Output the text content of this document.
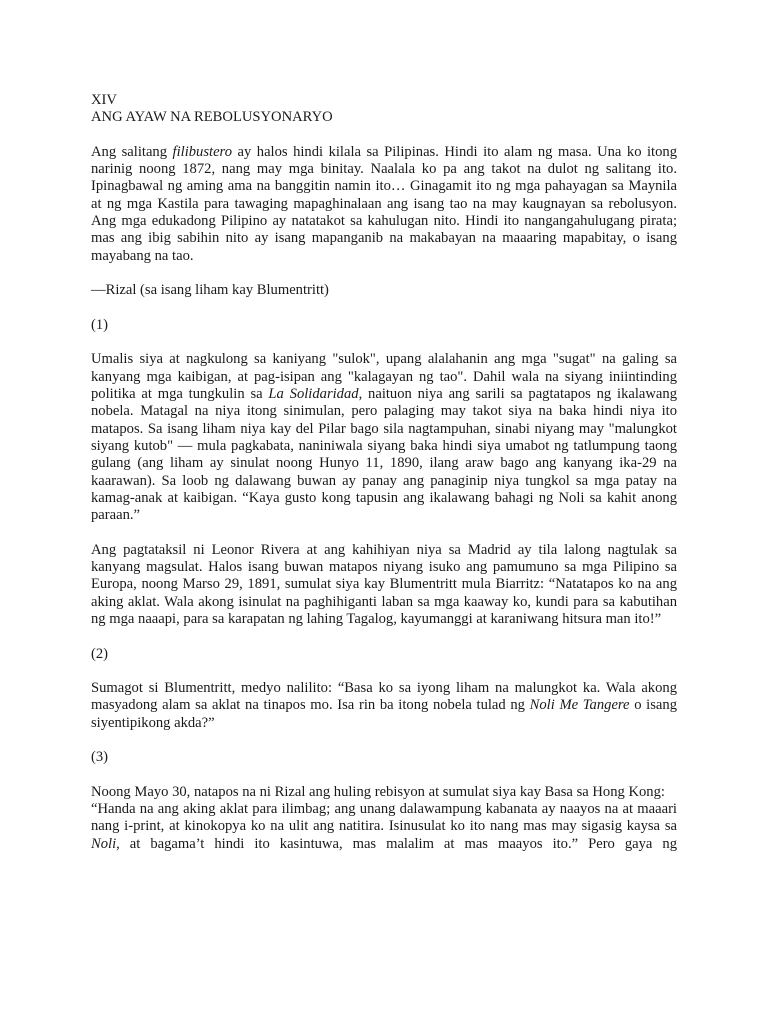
XIV

ANG AYAW NA REBOLUSYONARYO

Ang salitang filibustero ay halos hindi kilala sa Pilipinas. Hindi ito alam ng masa. Una ko itong narinig noong 1872, nang may mga binitay. Naalala ko pa ang takot na dulot ng salitang ito. Ipinagbawal ng aming ama na banggitin namin ito… Ginagamit ito ng mga pahayagan sa Maynila at ng mga Kastila para tawaging mapaghinalaan ang isang tao na may kaugnayan sa rebolusyon. Ang mga edukadong Pilipino ay natatakot sa kahulugan nito. Hindi ito nangangahulugang pirata; mas ang ibig sabihin nito ay isang mapanganib na makabayan na maaaring mapabitay, o isang mayabang na tao.

—Rizal (sa isang liham kay Blumentritt)

(1)

Umalis siya at nagkulong sa kaniyang "sulok", upang alalahanin ang mga "sugat" na galing sa kanyang mga kaibigan, at pag-isipan ang "kalagayan ng tao". Dahil wala na siyang iniintinding politika at mga tungkulin sa La Solidaridad, naituon niya ang sarili sa pagtatapos ng ikalawang nobela. Matagal na niya itong sinimulan, pero palaging may takot siya na baka hindi niya ito matapos. Sa isang liham niya kay del Pilar bago sila nagtampuhan, sinabi niyang may "malungkot siyang kutob" — mula pagkabata, naniniwala siyang baka hindi siya umabot ng tatlumpung taong gulang (ang liham ay sinulat noong Hunyo 11, 1890, ilang araw bago ang kanyang ika-29 na kaarawan). Sa loob ng dalawang buwan ay panay ang panaginip niya tungkol sa mga patay na kamag-anak at kaibigan. “Kaya gusto kong tapusin ang ikalawang bahagi ng Noli sa kahit anong paraan.”

Ang pagtataksil ni Leonor Rivera at ang kahihiyan niya sa Madrid ay tila lalong nagtulak sa kanyang magsulat. Halos isang buwan matapos niyang isuko ang pamumuno sa mga Pilipino sa Europa, noong Marso 29, 1891, sumulat siya kay Blumentritt mula Biarritz: “Natatapos ko na ang aking aklat. Wala akong isinulat na paghihiganti laban sa mga kaaway ko, kundi para sa kabutihan ng mga naaapi, para sa karapatan ng lahing Tagalog, kayumanggi at karaniwang hitsura man ito!”

(2)

Sumagot si Blumentritt, medyo nalilito: “Basa ko sa iyong liham na malungkot ka. Wala akong masyadong alam sa aklat na tinapos mo. Isa rin ba itong nobela tulad ng Noli Me Tangere o isang siyentipikong akda?”

(3)

Noong Mayo 30, natapos na ni Rizal ang huling rebisyon at sumulat siya kay Basa sa Hong Kong:

“Handa na ang aking aklat para ilimbag; ang unang dalawampung kabanata ay naayos na at maaari nang i-print, at kinokopya ko na ulit ang natitira. Isinusulat ko ito nang mas may sigasig kaysa sa Noli, at bagama’t hindi ito kasintuwa, mas malalim at mas maayos ito.” Pero gaya ng
